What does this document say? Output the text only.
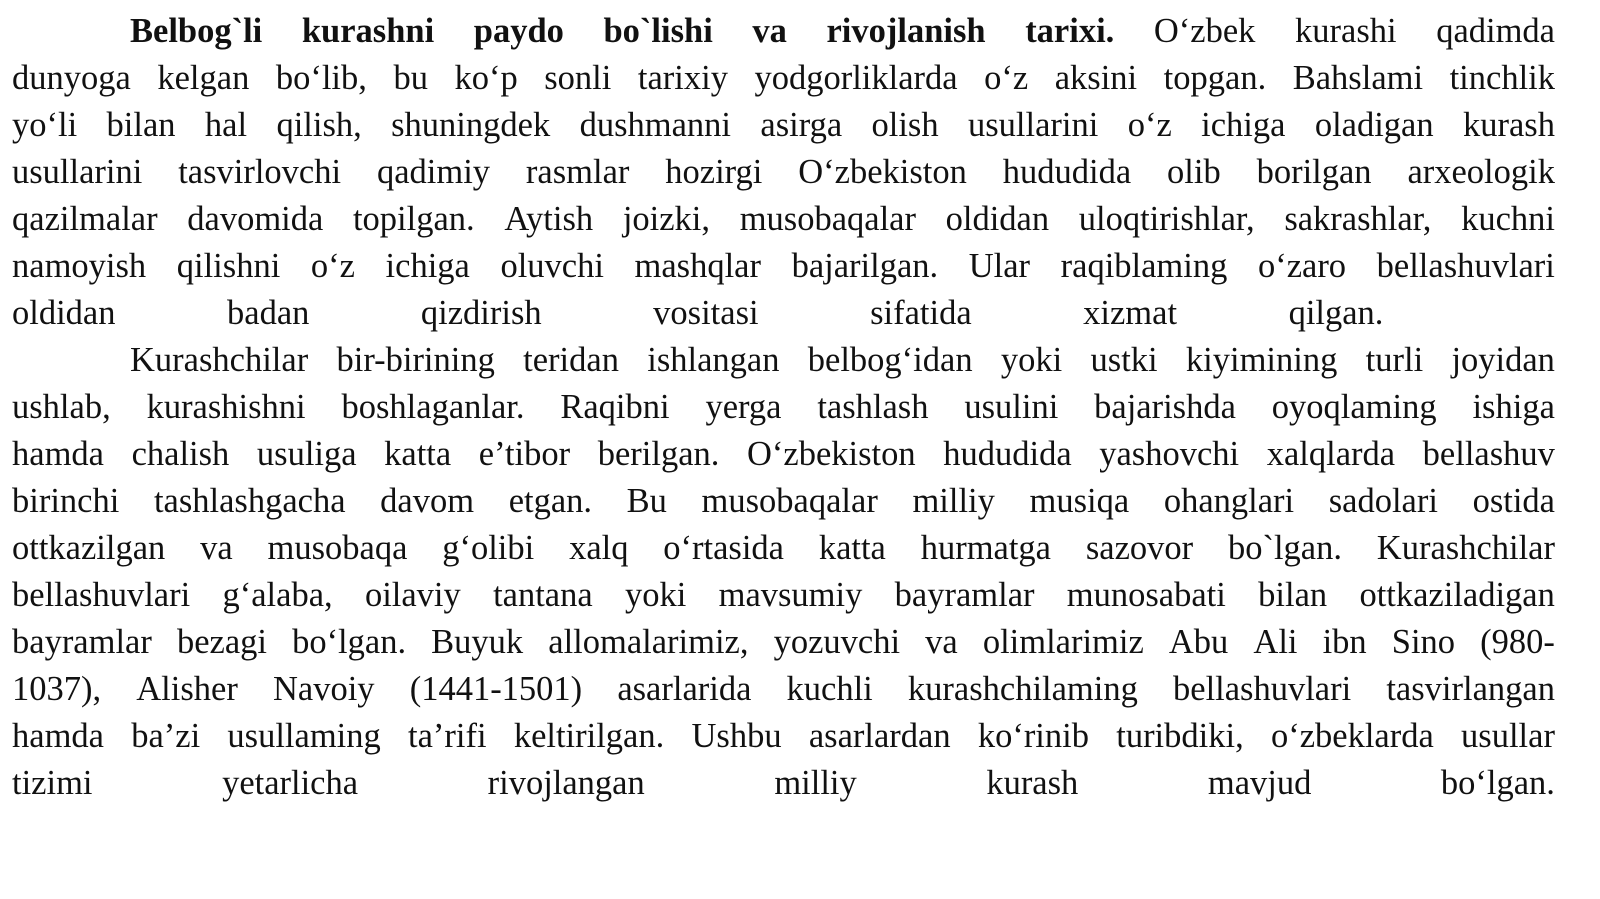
Belbog`li kurashni paydo bo`lishi va rivojlanish tarixi. O‘zbek kurashi qadimda
dunyoga kelgan bo‘lib, bu ko‘p sonli tarixiy yodgorliklarda o‘z aksini topgan. Bahslami tinchlik
yo‘li bilan hal qilish, shuningdek dushmanni asirga olish usullarini o‘z ichiga oladigan kurash
usullarini tasvirlovchi qadimiy rasmlar hozirgi O‘zbekiston hududida olib borilgan arxeologik
qazilmalar davomida topilgan. Aytish joizki, musobaqalar oldidan uloqtirishlar, sakrashlar, kuchni
namoyish qilishni o‘z ichiga oluvchi mashqlar bajarilgan. Ular raqiblaming o‘zaro bellashuvlari
oldidan	badan	qizdirish	vositasi	sifatida	xizmat	qilgan.
Kurashchilar bir-birining teridan ishlangan belbog‘idan yoki ustki kiyimining turli joyidan
ushlab, kurashishni boshlaganlar. Raqibni yerga tashlash usulini bajarishda oyoqlaming ishiga
hamda chalish usuliga katta e’tibor berilgan. O‘zbekiston hududida yashovchi xalqlarda bellashuv
birinchi tashlashgacha davom etgan. Bu musobaqalar milliy musiqa ohanglari sadolari ostida
ottkazilgan va musobaqa g‘olibi xalq o‘rtasida katta hurmatga sazovor bo`lgan. Kurashchilar
bellashuvlari g‘alaba, oilaviy tantana yoki mavsumiy bayramlar munosabati bilan ottkaziladigan
bayramlar bezagi bo‘lgan. Buyuk allomalarimiz, yozuvchi va olimlarimiz Abu Ali ibn Sino (980-
1037), Alisher Navoiy (1441-1501) asarlarida kuchli kurashchilaming bellashuvlari tasvirlangan
hamda ba’zi usullaming ta’rifi keltirilgan. Ushbu asarlardan ko‘rinib turibdiki, o‘zbeklarda usullar
tizimi	yetarlicha	rivojlangan	milliy	kurash	mavjud	bo‘lgan.
